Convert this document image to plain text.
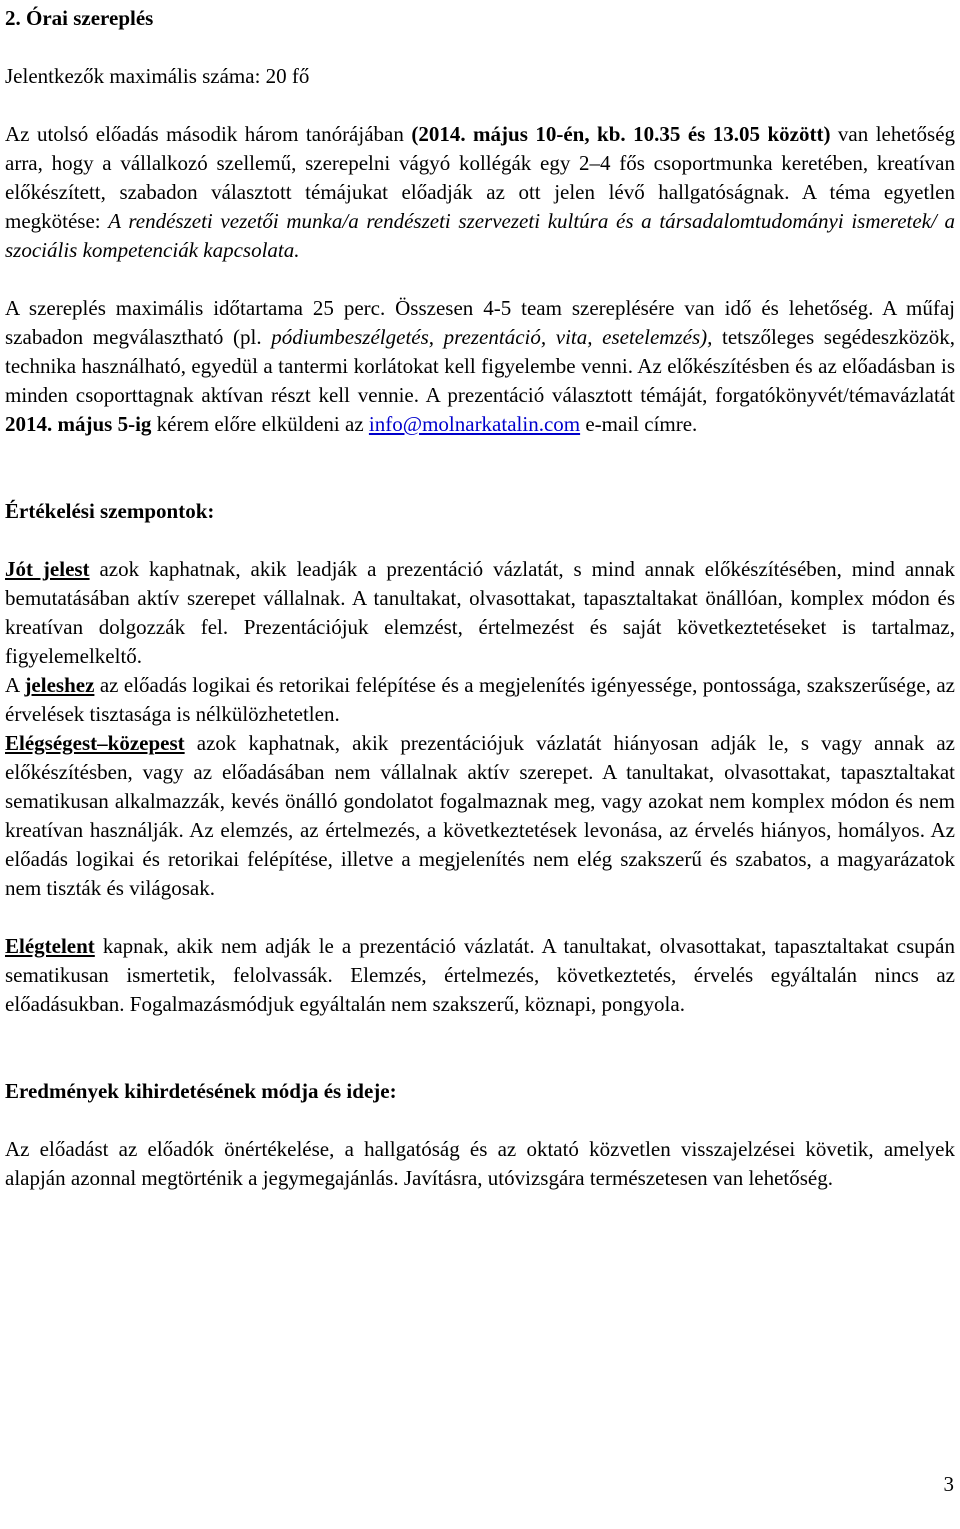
2. Órai szereplés
Jelentkezők maximális száma: 20 fő
Az utolsó előadás második három tanórájában (2014. május 10-én, kb. 10.35 és 13.05 között) van lehetőség arra, hogy a vállalkozó szellemű, szerepelni vágyó kollégák egy 2–4 fős csoportmunka keretében, kreatívan előkészített, szabadon választott témájukat előadják az ott jelen lévő hallgatóságnak. A téma egyetlen megkötése: A rendészeti vezetői munka/a rendészeti szervezeti kultúra és a társadalomtudományi ismeretek/ a szociális kompetenciák kapcsolata.
A szereplés maximális időtartama 25 perc. Összesen 4-5 team szereplésére van idő és lehetőség. A műfaj szabadon megválasztható (pl. pódiumbeszélgetés, prezentáció, vita, esetelemzés), tetszőleges segédeszközök, technika használható, egyedül a tantermi korlátokat kell figyelembe venni. Az előkészítésben és az előadásban is minden csoporttagnak aktívan részt kell vennie. A prezentáció választott témáját, forgatókönyvét/témavázlatát 2014. május 5-ig kérem előre elküldeni az info@molnarkatalin.com e-mail címre.
Értékelési szempontok:
Jót jelest azok kaphatnak, akik leadják a prezentáció vázlatát, s mind annak előkészítésében, mind annak bemutatásában aktív szerepet vállalnak. A tanultakat, olvasottakat, tapasztaltakat önállóan, komplex módon és kreatívan dolgozzák fel. Prezentációjuk elemzést, értelmezést és saját következtetéseket is tartalmaz, figyelemelkeltő.
A jeleshez az előadás logikai és retorikai felépítése és a megjelenítés igényessége, pontossága, szakszerűsége, az érvelések tisztasága is nélkülözhetetlen.
Elégségest–közepest azok kaphatnak, akik prezentációjuk vázlatát hiányosan adják le, s vagy annak az előkészítésben, vagy az előadásában nem vállalnak aktív szerepet. A tanultakat, olvasottakat, tapasztaltakat sematikusan alkalmazzák, kevés önálló gondolatot fogalmaznak meg, vagy azokat nem komplex módon és nem kreatívan használják. Az elemzés, az értelmezés, a következtetések levonása, az érvelés hiányos, homályos. Az előadás logikai és retorikai felépítése, illetve a megjelenítés nem elég szakszerű és szabatos, a magyarázatok nem tiszták és világosak.
Elégtelent kapnak, akik nem adják le a prezentáció vázlatát. A tanultakat, olvasottakat, tapasztaltakat csupán sematikusan ismertetik, felolvassák. Elemzés, értelmezés, következtetés, érvelés egyáltalán nincs az előadásukban. Fogalmazásmódjuk egyáltalán nem szakszerű, köznapi, pongyola.
Eredmények kihirdetésének módja és ideje:
Az előadást az előadók önértékelése, a hallgatóság és az oktató közvetlen visszajelzései követik, amelyek alapján azonnal megtörténik a jegymegajánlás. Javításra, utóvizsgára természetesen van lehetőség.
3
